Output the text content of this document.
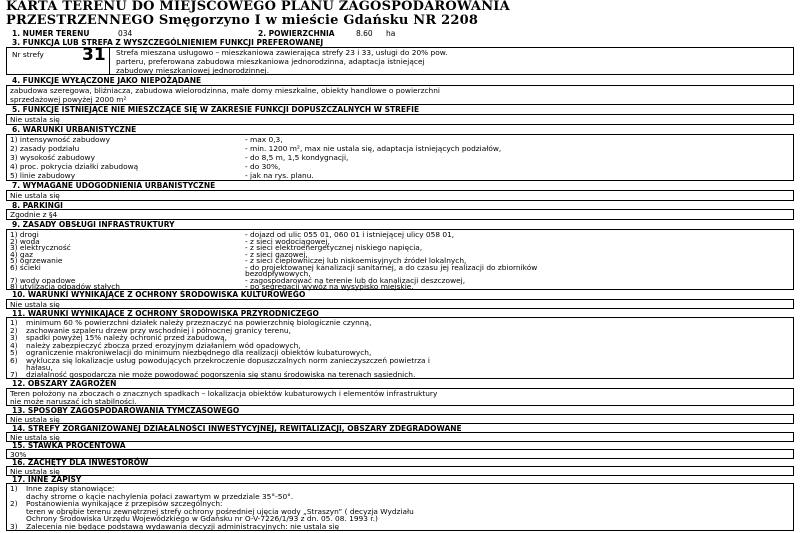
KARTA TERENU DO MIEJSCOWEGO PLANU ZAGOSPODAROWANIA
PRZESTRZENNEGO Smęgorzyno I w mieście Gdańsku NR 2208
1. NUMER TERENU	034	2. POWIERZCHNIA	8.60 ha
3. FUNKCJA LUB STREFA Z WYSZCZEGÓLNIENIEM FUNKCJI PREFEROWANEJ
Nr strefy 31 Strefa mieszana usługowo – mieszkaniowa zawierająca strefy 23 i 33, usługi do 20% pow.
parteru, preferowana zabudowa mieszkaniowa jednorodzinna, adaptacja istniejącej
zabudowy mieszkaniowej jednorodzinnej.
4. FUNKCJE WYŁĄCZONE JAKO NIEPOŻĄDANE
zabudowa szeregowa, bliźniacza, zabudowa wielorodzinna, małe domy mieszkalne, obiekty handlowe o powierzchni
sprzedażowej powyżej 2000 m²
5. FUNKCJE ISTNIEJĄCE NIE MIESZCZĄCE SIĘ W ZAKRESIE FUNKCJI DOPUSZCZALNYCH W STREFIE
Nie ustala się
6. WARUNKI URBANISTYCZNE
1) intensywność zabudowy	- max 0,3,
2) zasady podziału	- min. 1200 m², max nie ustala się, adaptacja istniejących podziałów,
3) wysokość zabudowy	- do 8,5 m, 1,5 kondygnacji,
4) proc. pokrycia działki zabudową	- do 30%,
5) linie zabudowy	- jak na rys. planu.
7. WYMAGANE UDOGODNIENIA URBANISTYCZNE
Nie ustala się
8. PARKINGI
Zgodnie z §4
9. ZASADY OBSŁUGI INFRASTRUKTURY
1) drogi	- dojazd od ulic 055 01, 060 01 i istniejącej ulicy 058 01,
2) woda	- z sieci wodociągowej,
3) elektryczność	- z sieci elektroenergetycznej niskiego napięcia,
4) gaz	- z sieci gazowej,
5) ogrzewanie	- z sieci ciepłowniczej lub niskoemisyjnych źródeł lokalnych,
6) ścieki	- do projektowanej kanalizacji sanitarnej, a do czasu jej realizacji do zbiorników
bezodpływowych,
7) wody opadowe	- zagospodarować na terenie lub do kanalizacji deszczowej,
8) utylizacja odpadów stałych	- po segregacji wywóz na wysypisko miejskie.
10. WARUNKI WYNIKAJĄCE Z OCHRONY ŚRODOWISKA KULTUROWEGO
Nie ustala się
11. WARUNKI WYNIKAJĄCE Z OCHRONY ŚRODOWISKA PRZYRODNICZEGO
1) minimum 60 % powierzchni działek należy przeznaczyć na powierzchnię biologicznie czynną,
2) zachowanie szpaleru drzew przy wschodniej i północnej granicy terenu,
3) spadki powyżej 15% należy ochronić przed zabudową,
4) należy zabezpieczyć zbocza przed erozyjnym działaniem wód opadowych,
5) ograniczenie makroniwelacji do minimum niezbędnego dla realizacji obiektów kubaturowych,
6) wyklucza się lokalizacje usług powodujących przekroczenie dopuszczalnych norm zanieczyszczeń powietrza i
hałasu,
7) działalność gospodarcza nie może powodować pogorszenia się stanu środowiska na terenach sąsiednich.
12. OBSZARY ZAGROŻEŃ
Teren położony na zboczach o znacznych spadkach – lokalizacja obiektów kubaturowych i elementów infrastruktury
nie może naruszać ich stabilności.
13. SPOSOBY ZAGOSPODAROWANIA TYMCZASOWEGO
Nie ustala się
14. STREFY ZORGANIZOWANEJ DZIAŁALNOŚCI INWESTYCYJNEJ, REWITALIZACJI, OBSZARY ZDEGRADOWANE
Nie ustala się
15. STAWKA PROCENTOWA
30%
16. ZACHĘTY DLA INWESTORÓW
Nie ustala się
17. INNE ZAPISY
1) Inne zapisy stanowiące:
dachy strome o kącie nachylenia połaci zawartym w przedziale 35°-50°.
2) Postanowienia wynikające z przepisów szczególnych:
teren w obrębie terenu zewnętrznej strefy ochrony pośredniej ujęcia wody „Straszyn” ( decyzja Wydziału
Ochrony Środowiska Urzędu Wojewódzkiego w Gdańsku nr O-V-7226/1/93 z dn. 05. 08. 1993 r.)
3) Zalecenia nie będące podstawą wydawania decyzji administracyjnych: nie ustala się
